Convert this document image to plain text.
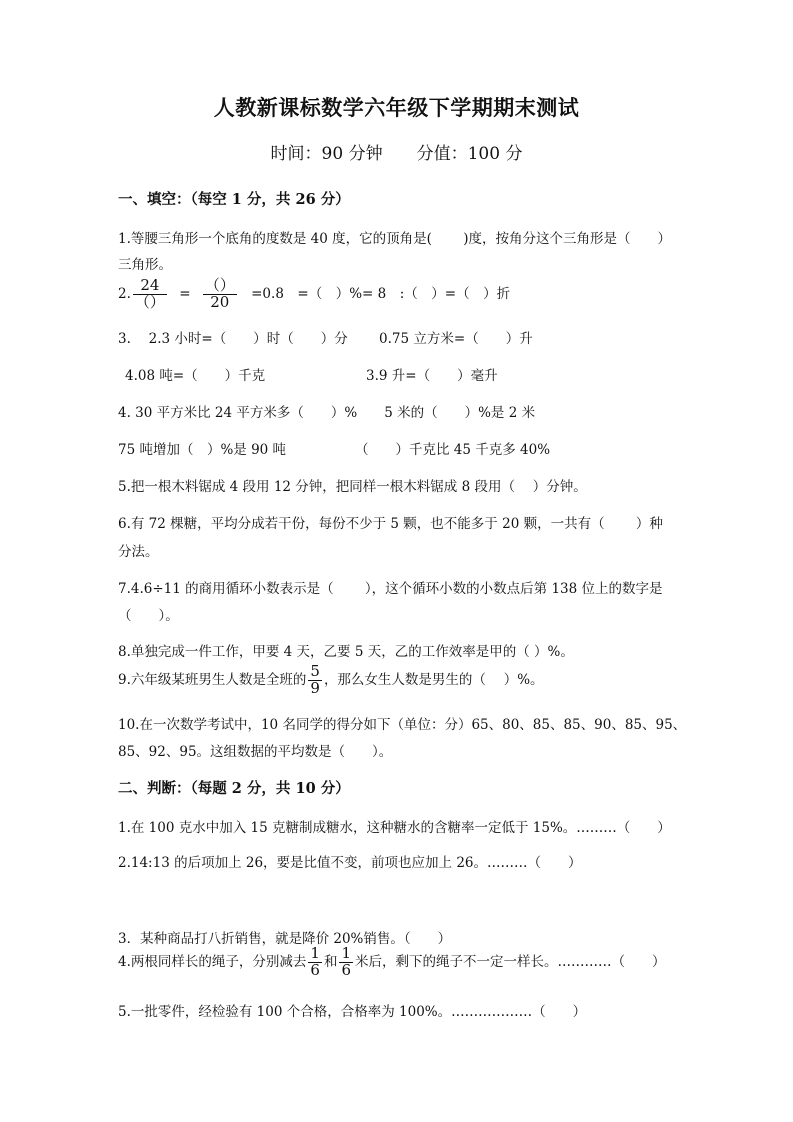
人教新课标数学六年级下学期期末测试
时间：90 分钟 分值：100 分
一、填空：（每空 1 分，共 26 分）
1.等腰三角形一个底角的度数是 40 度，它的顶角是(　　 )度，按角分这个三角形是（　　）
三角形。
2. $\frac{24}{()} = \frac{()}{20} =0.8$　=（　）%= 8　:（　）=（　）折
3.　 2.3 小时=（　　）时（　　）分　　 0.75 立方米=（　　）升
4.08 吨=（　　）千克	3.9 升=（　　）毫升
4. 30 平方米比 24 平方米多（　　）%　　5 米的（　　）%是 2 米
75 吨增加（　）%是 90 吨	（　　）千克比 45 千克多 40%
5.把一根木料锯成 4 段用 12 分钟，把同样一根木料锯成 8 段用（　 ）分钟。
6.有 72 棵糖，平均分成若干份，每份不少于 5 颗，也不能多于 20 颗，一共有（　　 ）种
分法。
7.4.6÷11 的商用循环小数表示是（　　 ），这个循环小数的小数点后第 138 位上的数字是
（　　）。
8.单独完成一件工作，甲要 4 天，乙要 5 天，乙的工作效率是甲的（ ）%。
9.六年级某班男生人数是全班的 $\frac{5}{9}$ ，那么女生人数是男生的（　 ）%。
10.在一次数学考试中，10 名同学的得分如下（单位：分）65、80、85、85、90、85、95、
85、92、95。这组数据的平均数是（　　）。
二、判断：（每题 2 分，共 10 分）
1.在 100 克水中加入 15 克糖制成糖水，这种糖水的含糖率一定低于 15%。………（　　）
2.14:13 的后项加上 26，要是比值不变，前项也应加上 26。………（　　）
3．某种商品打八折销售，就是降价 20%销售。（　　）
4.两根同样长的绳子，分别减去 $\frac{1}{6}$ 和 $\frac{1}{6}$ 米后，剩下的绳子不一定一样长。…………（　　）
5.一批零件，经检验有 100 个合格，合格率为 100%。………………（　　）
